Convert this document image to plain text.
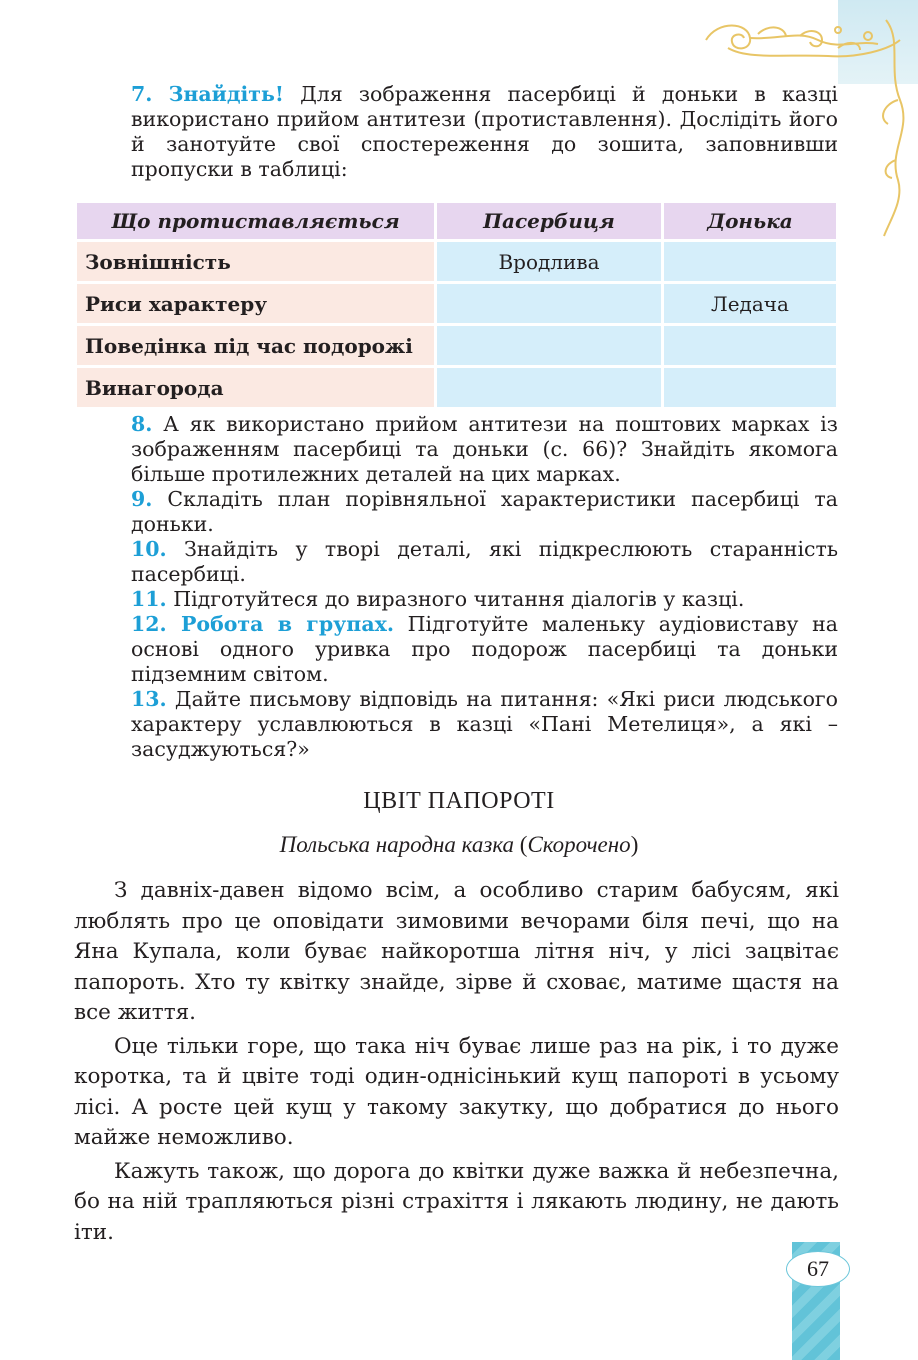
7. Знайдіть! Для зображення пасербиці й доньки в казці використано прийом антитези (протиставлення). Дослідіть його й занотуйте свої спостереження до зошита, заповнивши пропуски в таблиці:

Що протиставляється	Пасербиця	Донька
Зовнішність	Вродлива	
Риси характеру		Ледача
Поведінка під час подорожі		
Винагорода		

8. А як використано прийом антитези на поштових марках із зображенням пасербиці та доньки (с. 66)? Знайдіть якомога більше протилежних деталей на цих марках.

9. Складіть план порівняльної характеристики пасербиці та доньки.

10. Знайдіть у творі деталі, які підкреслюють старанність пасербиці.

11. Підготуйтеся до виразного читання діалогів у казці.

12. Робота в групах. Підготуйте маленьку аудіовиставу на основі одного уривка про подорож пасербиці та доньки підземним світом.

13. Дайте письмову відповідь на питання: «Які риси людського характеру уславлюються в казці «Пані Метелиця», а які – засуджуються?»

ЦВІТ ПАПОРОТІ
Польська народна казка (Скорочено)

З давніх-давен відомо всім, а особливо старим бабусям, які люблять про це оповідати зимовими вечорами біля печі, що на Яна Купала, коли буває найкоротша літня ніч, у лісі зацвітає папороть. Хто ту квітку знайде, зірве й сховає, матиме щастя на все життя.

Оце тільки горе, що така ніч буває лише раз на рік, і то дуже коротка, та й цвіте тоді один-однісінький кущ папороті в усьому лісі. А росте цей кущ у такому закутку, що добратися до нього майже неможливо.

Кажуть також, що дорога до квітки дуже важка й небезпечна, бо на ній трапляються різні страхіття і лякають людину, не дають іти.

67
